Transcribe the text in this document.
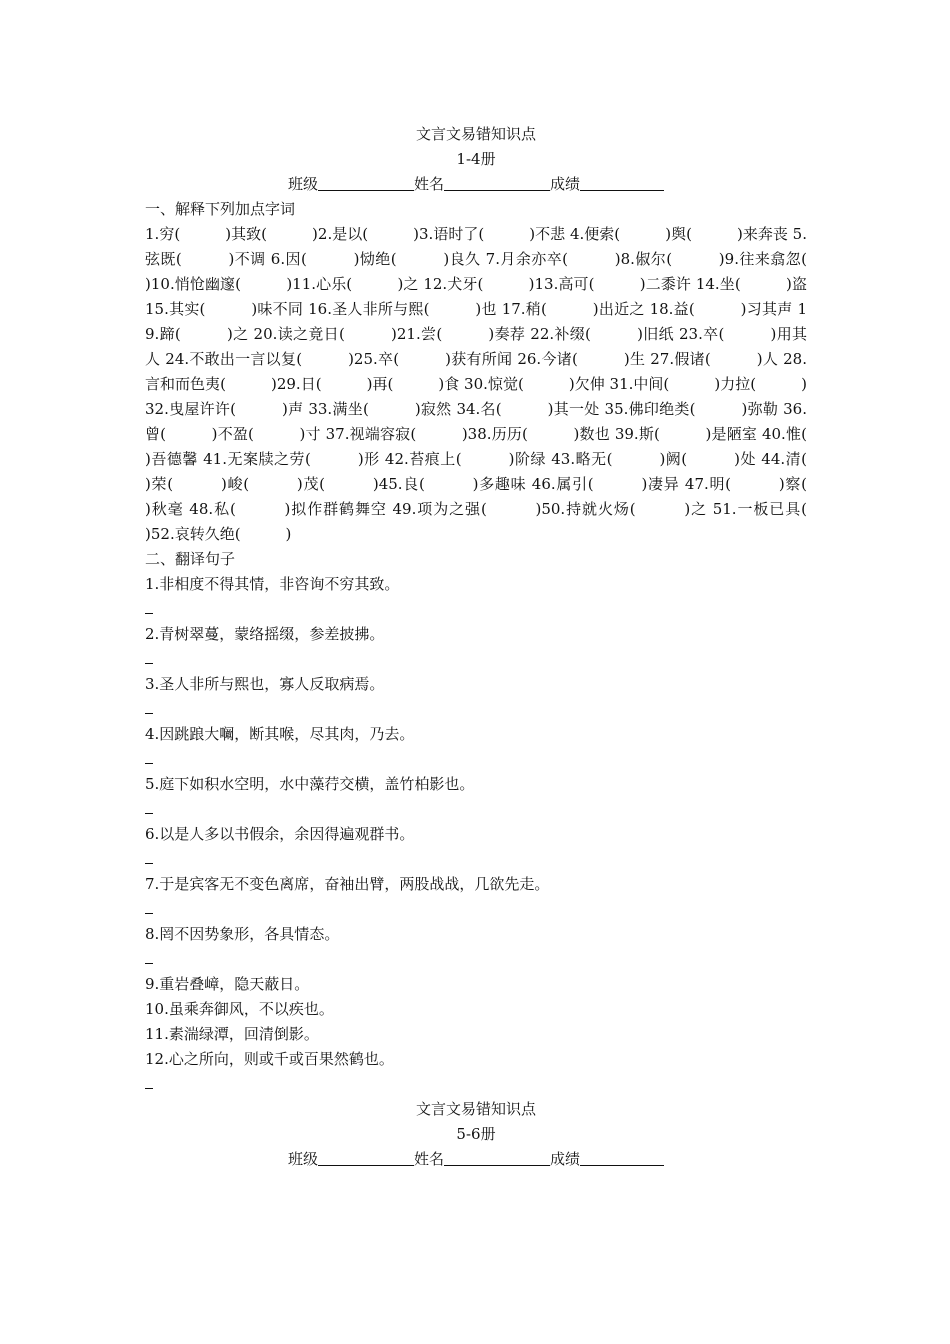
文言文易错知识点
1-4册
班级	姓名	成绩
一、解释下列加点字词
1.穷(　　　)其致(　　　)2.是以(　　　)3.语时了(　　　)不悲 4.便索(　　　)舆(　　　)来奔丧 5.弦既(　　　)不调 6.因(　　　)恸绝(　　　)良久 7.月余亦卒(　　　)8.俶尔(　　　)9.往来翕忽(　　　)10.悄怆幽邃(　　　)11.心乐(　　　)之 12.犬牙(　　　)13.高可(　　　)二黍许 14.坐(　　　)盗 15.其实(　　　)味不同 16.圣人非所与熙(　　　)也 17.稍(　　　)出近之 18.益(　　　)习其声 19.蹄(　　　)之 20.读之竟日(　　　)21.尝(　　　)奏荐 22.补缀(　　　)旧纸 23.卒(　　　)用其人 24.不敢出一言以复(　　　)25.卒(　　　)获有所闻 26.今诸(　　　)生 27.假诸(　　　)人 28.言和而色夷(　　　)29.日(　　　)再(　　　)食 30.惊觉(　　　)欠伸 31.中间(　　　)力拉(　　　)32.曳屋许许(　　　)声 33.满坐(　　　)寂然 34.名(　　　)其一处 35.佛印绝类(　　　)弥勒 36.曾(　　　)不盈(　　　)寸 37.视端容寂(　　　)38.历历(　　　)数也 39.斯(　　　)是陋室 40.惟(　　　)吾德馨 41.无案牍之劳(　　　)形 42.苔痕上(　　　)阶绿 43.略无(　　　)阙(　　　)处 44.清(　　　)荣(　　　)峻(　　　)茂(　　　)45.良(　　　)多趣味 46.属引(　　　)凄异 47.明(　　　)察(　　　)秋毫 48.私(　　　)拟作群鹤舞空 49.项为之强(　　　)50.持就火炀(　　　)之 51.一板已具(　　　)52.哀转久绝(　　　)
二、翻译句子
1.非相度不得其情，非咨询不穷其致。
2.青树翠蔓，蒙络摇缀，参差披拂。
3.圣人非所与熙也，寡人反取病焉。
4.因跳踉大㘎，断其喉，尽其肉，乃去。
5.庭下如积水空明，水中藻荇交横，盖竹柏影也。
6.以是人多以书假余，余因得遍观群书。
7.于是宾客无不变色离席，奋袖出臂，两股战战，几欲先走。
8.罔不因势象形，各具情态。
9.重岩叠嶂，隐天蔽日。
10.虽乘奔御风，不以疾也。
11.素湍绿潭，回清倒影。
12.心之所向，则或千或百果然鹤也。
文言文易错知识点
5-6册
班级	姓名	成绩
